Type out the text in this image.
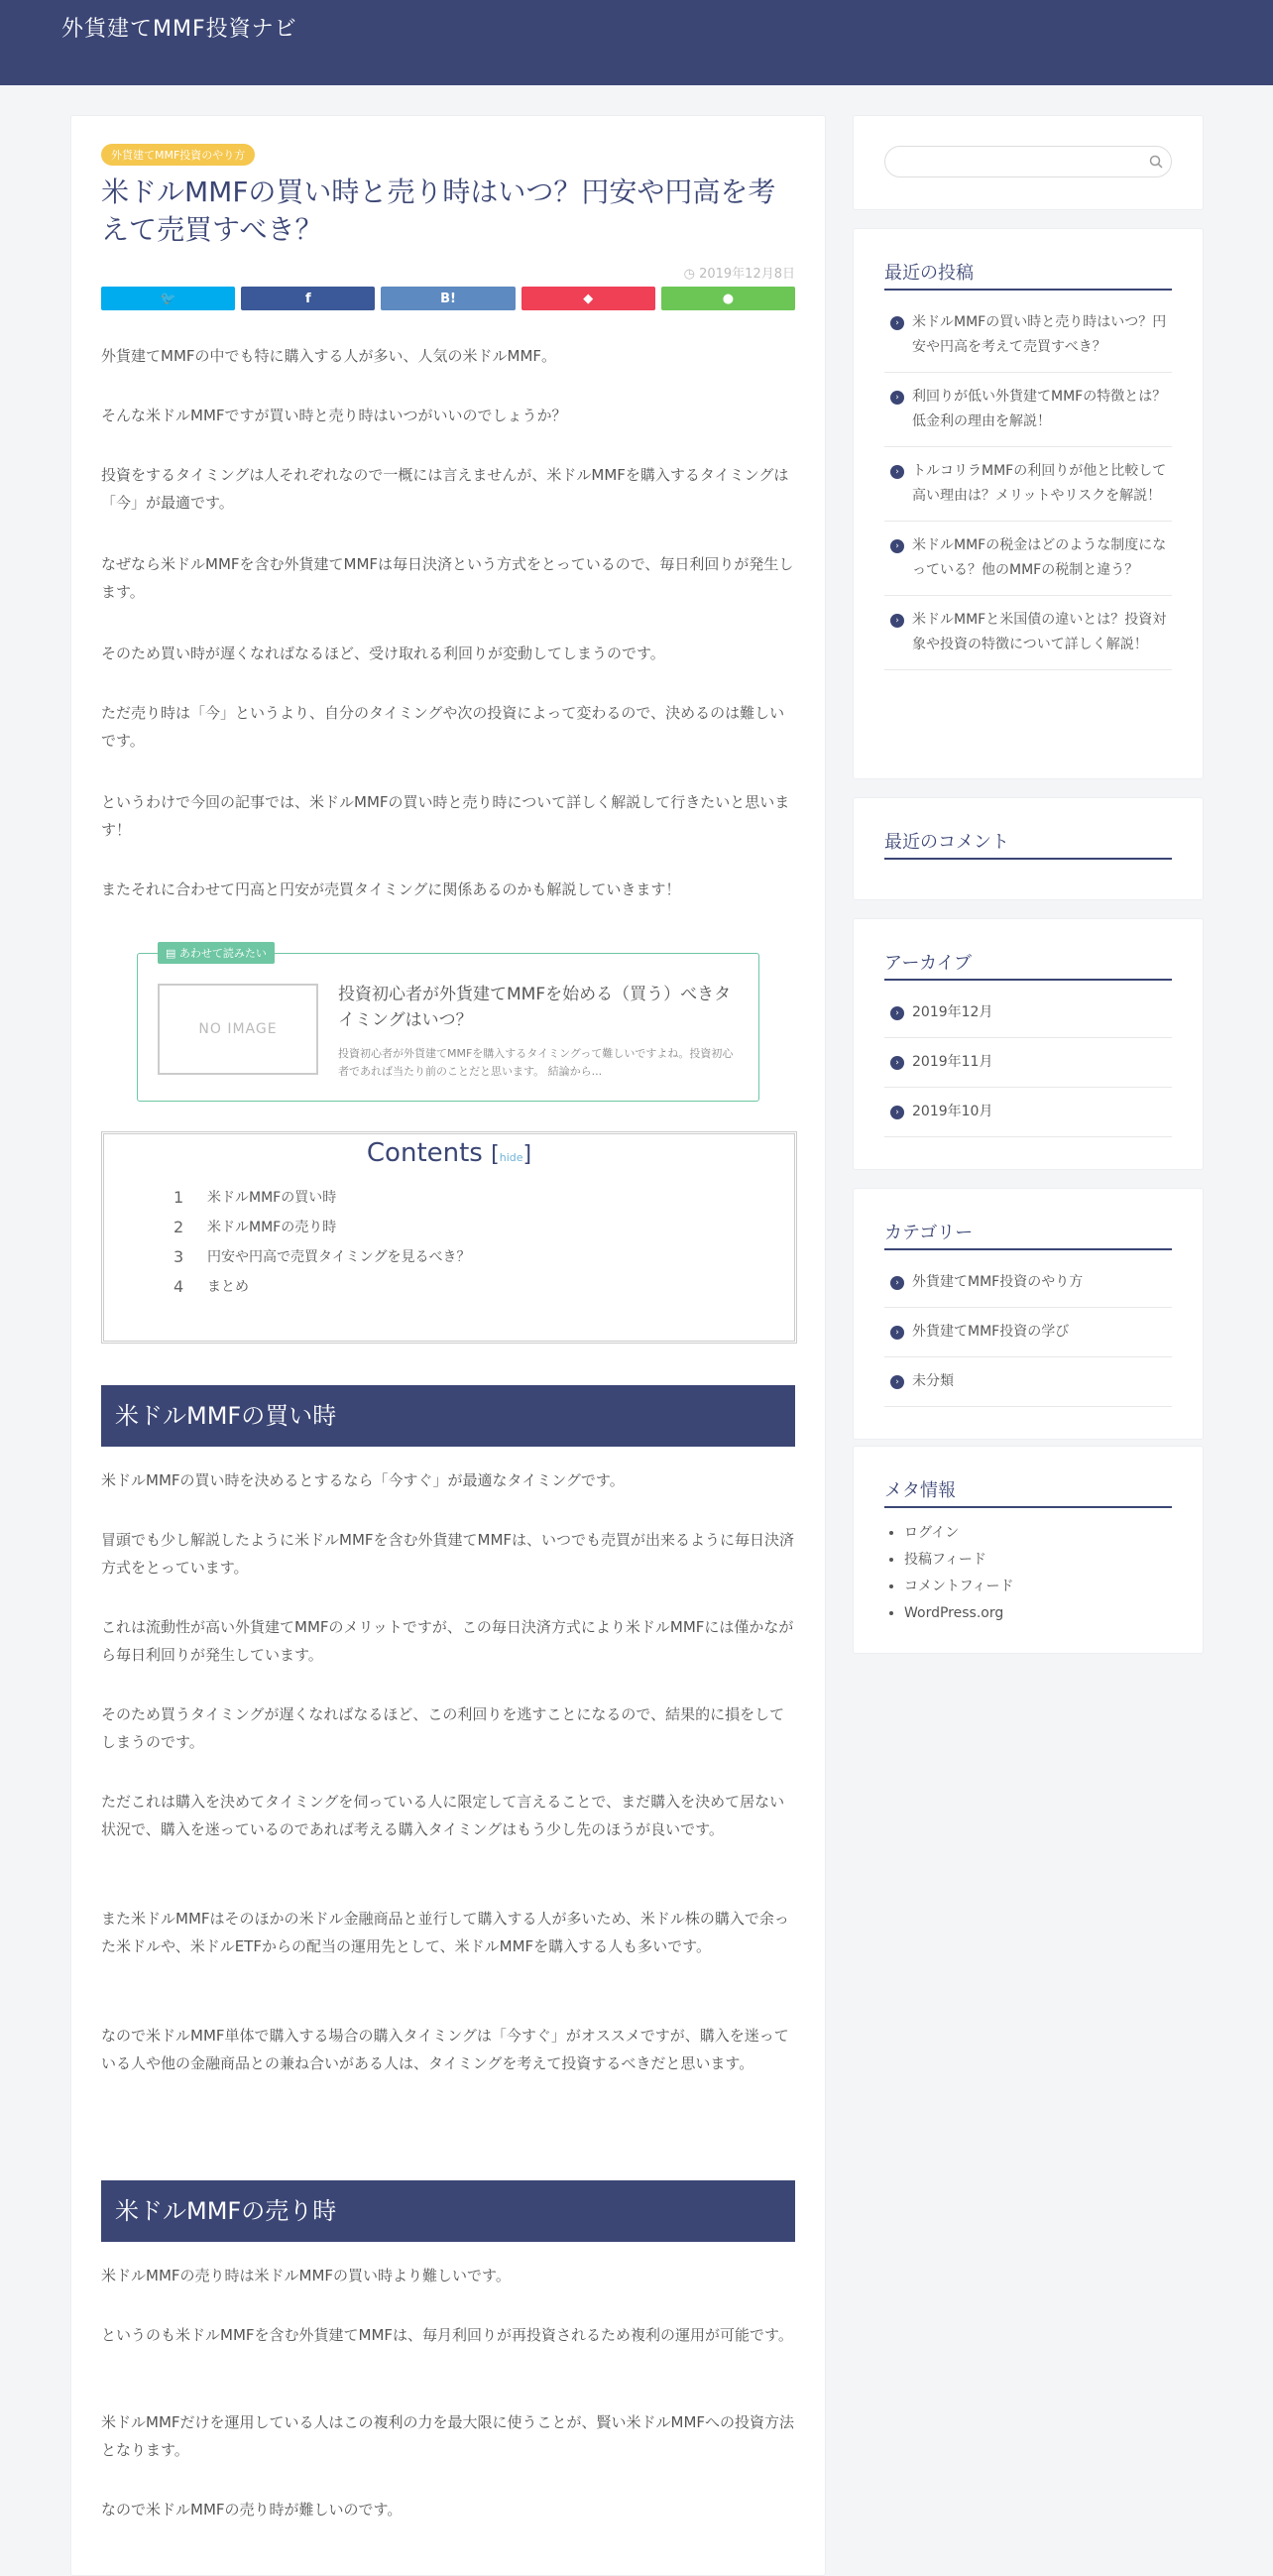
外貨建てMMF投資ナビ
外貨建てMMF投資のやり方
米ドルMMFの買い時と売り時はいつ？円安や円高を考えて売買すべき？
◷ 2019年12月8日
🐦	f	B!	◆	●

外貨建てMMFの中でも特に購入する人が多い、人気の米ドルMMF。

そんな米ドルMMFですが買い時と売り時はいつがいいのでしょうか？

投資をするタイミングは人それぞれなので一概には言えませんが、米ドルMMFを購入するタイミングは「今」が最適です。

なぜなら米ドルMMFを含む外貨建てMMFは毎日決済という方式をとっているので、毎日利回りが発生します。

そのため買い時が遅くなればなるほど、受け取れる利回りが変動してしまうのです。

ただ売り時は「今」というより、自分のタイミングや次の投資によって変わるので、決めるのは難しいです。

というわけで今回の記事では、米ドルMMFの買い時と売り時について詳しく解説して行きたいと思います！

またそれに合わせて円高と円安が売買タイミングに関係あるのかも解説していきます！

▤ あわせて読みたい
NO IMAGE
投資初心者が外貨建てMMFを始める（買う）べきタイミングはいつ？
投資初心者が外貨建てMMFを購入するタイミングって難しいですよね。投資初心者であれば当たり前のことだと思います。 結論から...
Contents [hide]
1	米ドルMMFの買い時
2	米ドルMMFの売り時
3	円安や円高で売買タイミングを見るべき？
4	まとめ
米ドルMMFの買い時

米ドルMMFの買い時を決めるとするなら「今すぐ」が最適なタイミングです。

冒頭でも少し解説したように米ドルMMFを含む外貨建てMMFは、いつでも売買が出来るように毎日決済方式をとっています。

これは流動性が高い外貨建てMMFのメリットですが、この毎日決済方式により米ドルMMFには僅かながら毎日利回りが発生しています。

そのため買うタイミングが遅くなればなるほど、この利回りを逃すことになるので、結果的に損をしてしまうのです。

ただこれは購入を決めてタイミングを伺っている人に限定して言えることで、まだ購入を決めて居ない状況で、購入を迷っているのであれば考える購入タイミングはもう少し先のほうが良いです。

また米ドルMMFはそのほかの米ドル金融商品と並行して購入する人が多いため、米ドル株の購入で余った米ドルや、米ドルETFからの配当の運用先として、米ドルMMFを購入する人も多いです。

なので米ドルMMF単体で購入する場合の購入タイミングは「今すぐ」がオススメですが、購入を迷っている人や他の金融商品との兼ね合いがある人は、タイミングを考えて投資するべきだと思います。

米ドルMMFの売り時

米ドルMMFの売り時は米ドルMMFの買い時より難しいです。

というのも米ドルMMFを含む外貨建てMMFは、毎月利回りが再投資されるため複利の運用が可能です。

米ドルMMFだけを運用している人はこの複利の力を最大限に使うことが、賢い米ドルMMFへの投資方法となります。

なので米ドルMMFの売り時が難しいのです。

最近の投稿
› 米ドルMMFの買い時と売り時はいつ？円安や円高を考えて売買すべき？
› 利回りが低い外貨建てMMFの特徴とは？低金利の理由を解説！
› トルコリラMMFの利回りが他と比較して高い理由は？メリットやリスクを解説！
› 米ドルMMFの税金はどのような制度になっている？他のMMFの税制と違う？
› 米ドルMMFと米国債の違いとは？投資対象や投資の特徴について詳しく解説！
最近のコメント
アーカイブ
› 2019年12月
› 2019年11月
› 2019年10月
カテゴリー
› 外貨建てMMF投資のやり方
› 外貨建てMMF投資の学び
› 未分類
メタ情報
• ログイン
• 投稿フィード
• コメントフィード
• WordPress.org
